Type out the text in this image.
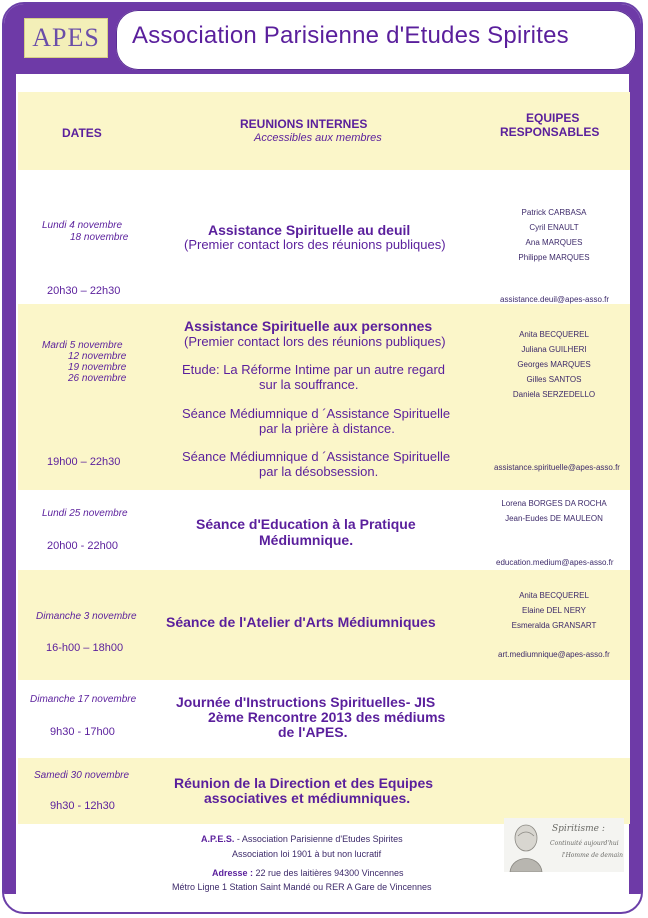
APES	Association Parisienne d'Etudes Spirites
DATES
REUNIONS INTERNES
Accessibles aux membres
EQUIPES
RESPONSABLES
Lundi 4 novembre
18 novembre
20h30 – 22h30
Assistance Spirituelle au deuil
(Premier contact lors des réunions publiques)
Patrick CARBASA
Cyril ENAULT
Ana MARQUES
Philippe MARQUES
assistance.deuil@apes-asso.fr
Mardi 5 novembre
12 novembre
19 novembre
26 novembre
19h00 – 22h30
Assistance Spirituelle aux personnes
(Premier contact lors des réunions publiques)
Etude: La Réforme Intime par un autre regard
sur la souffrance.
Séance Médiumnique d ´Assistance Spirituelle
par la prière à distance.
Séance Médiumnique d ´Assistance Spirituelle
par la désobsession.
Anita BECQUEREL
Juliana GUILHERI
Georges MARQUES
Gilles SANTOS
Daniela SERZEDELLO
assistance.spirituelle@apes-asso.fr
Lundi 25 novembre
20h00 - 22h00
Séance d'Education à la Pratique
Médiumnique.
Lorena BORGES DA ROCHA
Jean-Eudes DE MAULEON
education.medium@apes-asso.fr
Dimanche 3 novembre
16-h00 – 18h00
Séance de l'Atelier d'Arts Médiumniques
Anita BECQUEREL
Elaine DEL NERY
Esmeralda GRANSART
art.mediumnique@apes-asso.fr
Dimanche 17 novembre
9h30 - 17h00
Journée d'Instructions Spirituelles- JIS
2ème Rencontre 2013 des médiums
de l'APES.
Samedi 30 novembre
9h30 - 12h30
Réunion de la Direction et des Equipes
associatives et médiumniques.
A.P.E.S. - Association Parisienne d'Etudes Spirites
Association loi 1901 à but non lucratif
Adresse : 22 rue des laitières 94300 Vincennes
Métro Ligne 1 Station Saint Mandé ou RER A Gare de Vincennes
Spiritisme :
Continuité aujourd'hui
l'Homme de demain
